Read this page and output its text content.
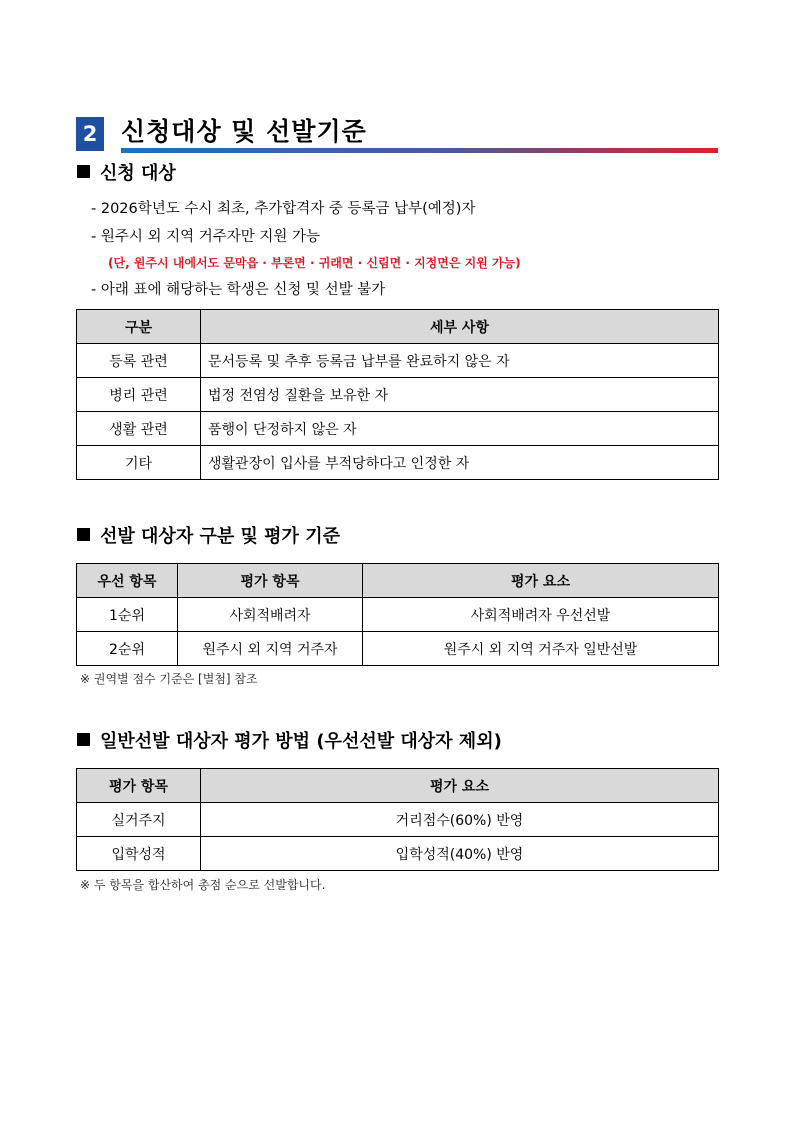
2 신청대상 및 선발기준
신청 대상
- 2026학년도 수시 최초, 추가합격자 중 등록금 납부(예정)자
- 원주시 외 지역 거주자만 지원 가능
(단, 원주시 내에서도 문막읍 · 부론면 · 귀래면 · 신림면 · 지정면은 지원 가능)
- 아래 표에 해당하는 학생은 신청 및 선발 불가
구분	세부 사항
등록 관련	문서등록 및 추후 등록금 납부를 완료하지 않은 자
병리 관련	법정 전염성 질환을 보유한 자
생활 관련	품행이 단정하지 않은 자
기타	생활관장이 입사를 부적당하다고 인정한 자
선발 대상자 구분 및 평가 기준
우선 항목	평가 항목	평가 요소
1순위	사회적배려자	사회적배려자 우선선발
2순위	원주시 외 지역 거주자	원주시 외 지역 거주자 일반선발
※ 권역별 점수 기준은 [별첨] 참조
일반선발 대상자 평가 방법 (우선선발 대상자 제외)
평가 항목	평가 요소
실거주지	거리점수(60%) 반영
입학성적	입학성적(40%) 반영
※ 두 항목을 합산하여 총점 순으로 선발합니다.
